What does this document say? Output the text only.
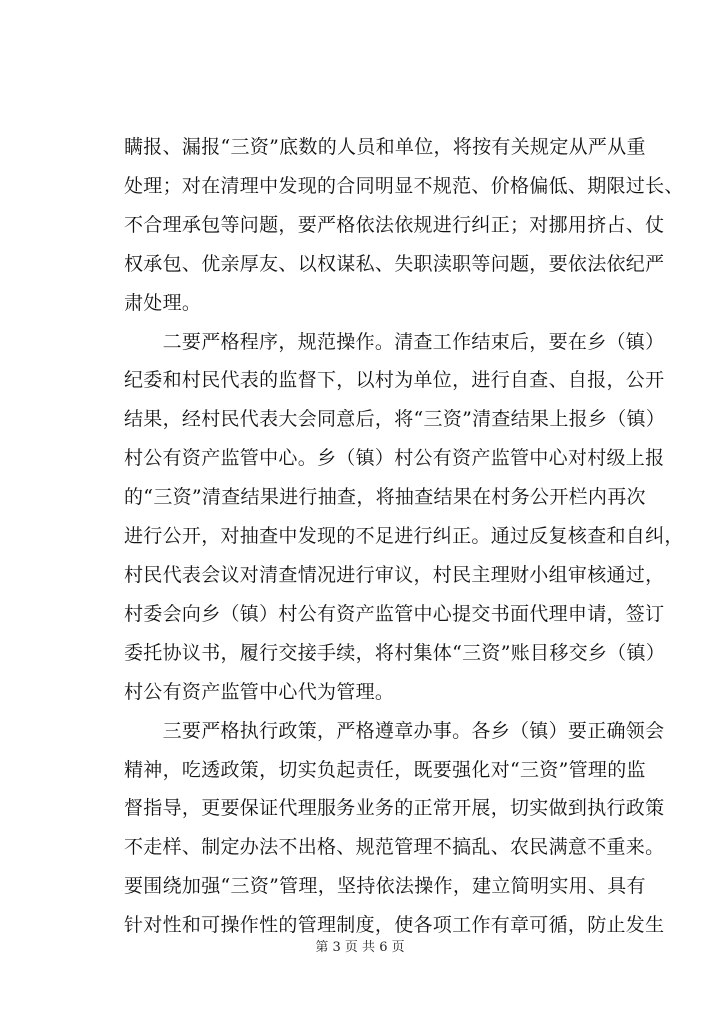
瞒报、漏报“三资”底数的人员和单位，将按有关规定从严从重
处理；对在清理中发现的合同明显不规范、价格偏低、期限过长、
不合理承包等问题，要严格依法依规进行纠正；对挪用挤占、仗
权承包、优亲厚友、以权谋私、失职渎职等问题，要依法依纪严
肃处理。

　　二要严格程序，规范操作。清查工作结束后，要在乡（镇）
纪委和村民代表的监督下，以村为单位，进行自查、自报，公开
结果，经村民代表大会同意后，将“三资”清查结果上报乡（镇）
村公有资产监管中心。乡（镇）村公有资产监管中心对村级上报
的“三资”清查结果进行抽查，将抽查结果在村务公开栏内再次
进行公开，对抽查中发现的不足进行纠正。通过反复核查和自纠，
村民代表会议对清查情况进行审议，村民主理财小组审核通过，
村委会向乡（镇）村公有资产监管中心提交书面代理申请，签订
委托协议书，履行交接手续，将村集体“三资”账目移交乡（镇）
村公有资产监管中心代为管理。

　　三要严格执行政策，严格遵章办事。各乡（镇）要正确领会
精神，吃透政策，切实负起责任，既要强化对“三资”管理的监
督指导，更要保证代理服务业务的正常开展，切实做到执行政策
不走样、制定办法不出格、规范管理不搞乱、农民满意不重来。
要围绕加强“三资”管理，坚持依法操作，建立简明实用、具有
针对性和可操作性的管理制度，使各项工作有章可循，防止发生

第 3 页 共 6 页
